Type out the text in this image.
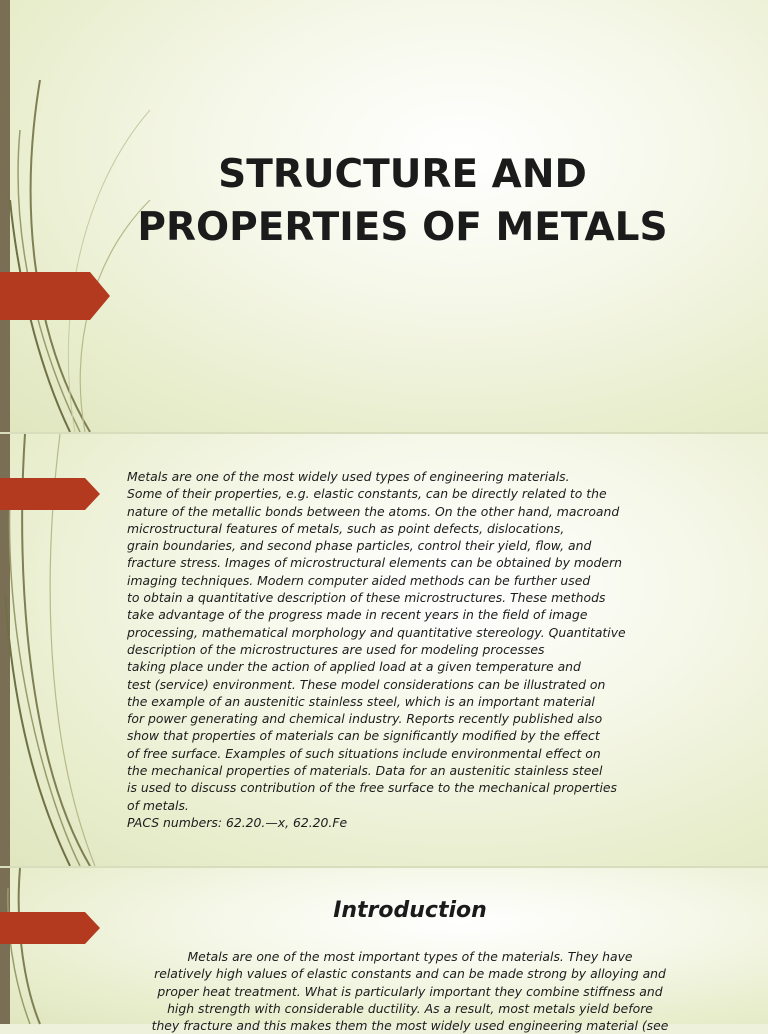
STRUCTURE AND
PROPERTIES OF METALS
Metals are one of the most widely used types of engineering materials.
Some of their properties, e.g. elastic constants, can be directly related to the
nature of the metallic bonds between the atoms. On the other hand, macroand
microstructural features of metals, such as point defects, dislocations,
grain boundaries, and second phase particles, control their yield, flow, and
fracture stress. Images of microstructural elements can be obtained by modern
imaging techniques. Modern computer aided methods can be further used
to obtain a quantitative description of these microstructures. These methods
take advantage of the progress made in recent years in the field of image
processing, mathematical morphology and quantitative stereology. Quantitative
description of the microstructures are used for modeling processes
taking place under the action of applied load at a given temperature and
test (service) environment. These model considerations can be illustrated on
the example of an austenitic stainless steel, which is an important material
for power generating and chemical industry. Reports recently published also
show that properties of materials can be significantly modified by the effect
of free surface. Examples of such situations include environmental effect on
the mechanical properties of materials. Data for an austenitic stainless steel
is used to discuss contribution of the free surface to the mechanical properties
of metals.
PACS numbers: 62.20.—x, 62.20.Fe
Introduction
Metals are one of the most important types of the materials. They have
relatively high values of elastic constants and can be made strong by alloying and
proper heat treatment. What is particularly important they combine stiffness and
high strength with considerable ductility. As a result, most metals yield before
they fracture and this makes them the most widely used engineering material (see
